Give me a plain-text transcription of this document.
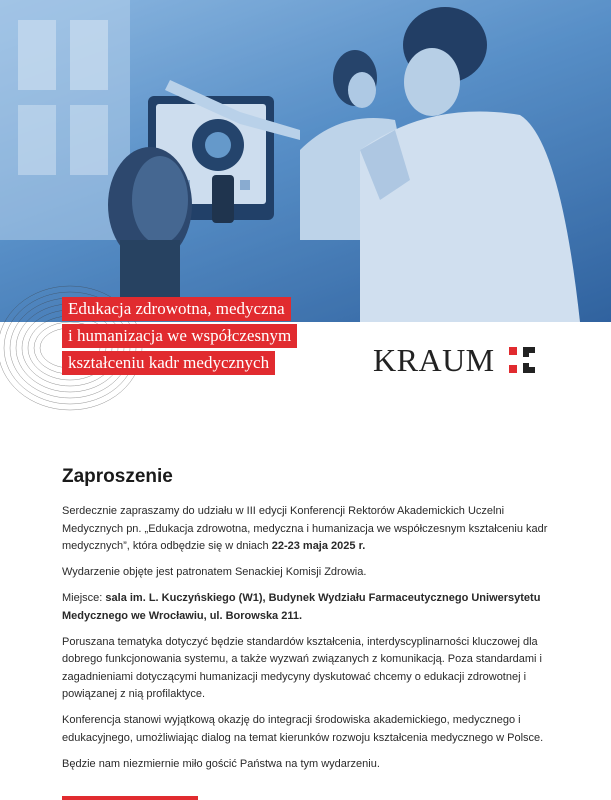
Edukacja zdrowotna, medyczna
i humanizacja we współczesnym
kształceniu kadr medycznych	KRAUM
Zaproszenie

Serdecznie zapraszamy do udziału w III edycji Konferencji Rektorów Akademickich Uczelni Medycznych pn. „Edukacja zdrowotna, medyczna i humanizacja we współczesnym kształceniu kadr medycznych”, która odbędzie się w dniach 22-23 maja 2025 r.

Wydarzenie objęte jest patronatem Senackiej Komisji Zdrowia.

Miejsce: sala im. L. Kuczyńskiego (W1), Budynek Wydziału Farmaceutycznego Uniwersytetu Medycznego we Wrocławiu, ul. Borowska 211.

Poruszana tematyka dotyczyć będzie standardów kształcenia, interdyscyplinarności kluczowej dla dobrego funkcjonowania systemu, a także wyzwań związanych z komunikacją. Poza standardami i zagadnieniami dotyczącymi humanizacji medycyny dyskutować chcemy o edukacji zdrowotnej i powiązanej z nią profilaktyce.

Konferencja stanowi wyjątkową okazję do integracji środowiska akademickiego, medycznego i edukacyjnego, umożliwiając dialog na temat kierunków rozwoju kształcenia medycznego w Polsce.

Będzie nam niezmiernie miło gościć Państwa na tym wydarzeniu.
